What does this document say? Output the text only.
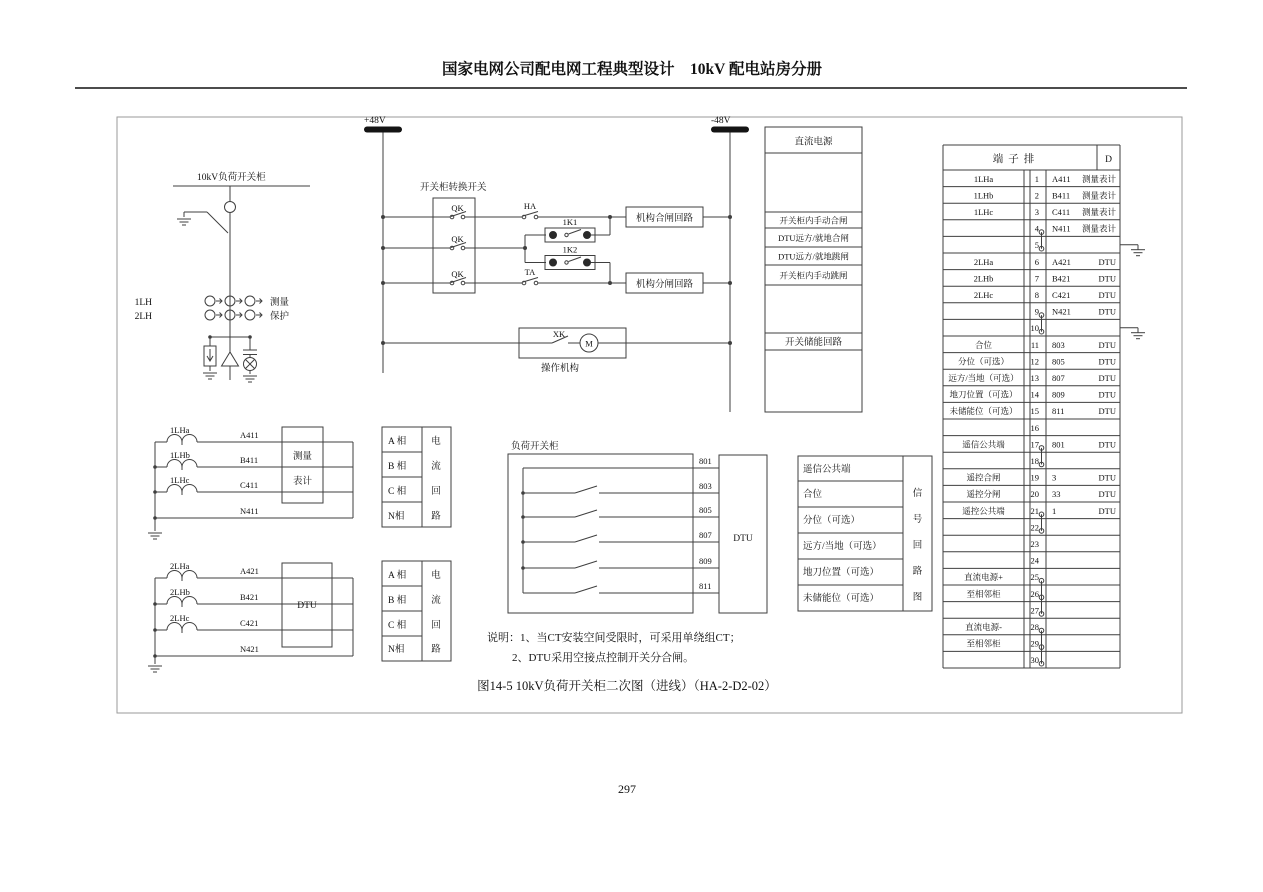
国家电网公司配电网工程典型设计　10kV 配电站房分册
10kV负荷开关柜
1LH
2LH
测量
保护
+48V
开关柜转换开关
QK
QK
QK
HA
机构合闸回路
1K1
1K2
TA
机构分闸回路
XK
M
操作机构
-48V
直流电源
开关柜内手动合闸
DTU远方/就地合闸
DTU远方/就地跳闸
开关柜内手动跳闸
开关储能回路
1LHa	A411
1LHb	B411
1LHc	C411
N411
测量
表计
2LHa	A421
2LHb	B421
2LHc	C421
N421
DTU
A 相
B 相
C 相
N相
电
流
回
路
A 相
B 相
C 相
N相
电
流
回
路
负荷开关柜
801
803
805
807
809
811
DTU
遥信公共端
合位
分位（可选）
远方/当地（可选）
地刀位置（可选）
未储能位（可选）
信
号
回
路
图
端子排	D
1LHa	1 A411 测量表计
1LHb	2 B411 测量表计
1LHc	3 C411 测量表计
4 N411 测量表计
5
2LHa	6 A421	DTU
2LHb	7 B421	DTU
2LHc	8 C421	DTU
9 N421	DTU
10
合位	11 803	DTU
分位（可选）	12 805	DTU
远方/当地（可选） 13 807	DTU
地刀位置（可选） 14 809	DTU
未储能位（可选） 15 811	DTU
16
遥信公共端	17 801	DTU
18
遥控合闸	19 3	DTU
遥控分闸	20 33	DTU
遥控公共端	21 1	DTU
22
23
24
直流电源+	25
至相邻柜	26
27
直流电源-	28
至相邻柜	29
30
说明：1、当CT安装空间受限时，可采用单绕组CT；
2、DTU采用空接点控制开关分合闸。
图14-5 10kV负荷开关柜二次图（进线）（HA-2-D2-02）
297
